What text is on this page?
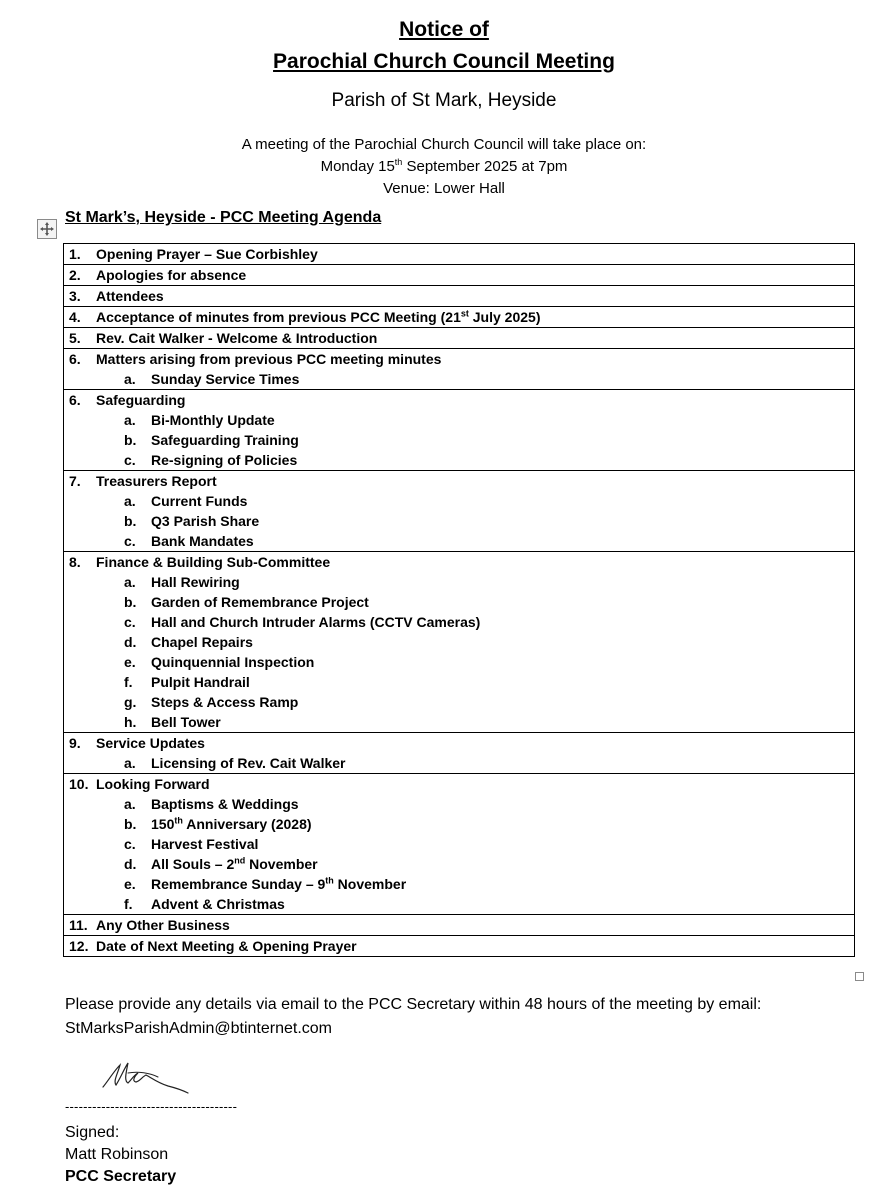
Notice of
Parochial Church Council Meeting
Parish of St Mark, Heyside
A meeting of the Parochial Church Council will take place on:
Monday 15th September 2025 at 7pm
Venue: Lower Hall
St Mark’s, Heyside - PCC Meeting Agenda
1. Opening Prayer – Sue Corbishley

2. Apologies for absence

3. Attendees

4. Acceptance of minutes from previous PCC Meeting (21st July 2025)

5. Rev. Cait Walker - Welcome & Introduction

6. Matters arising from previous PCC meeting minutes
a. Sunday Service Times

6. Safeguarding
a. Bi-Monthly Update
b. Safeguarding Training
c. Re-signing of Policies

7. Treasurers Report
a. Current Funds
b. Q3 Parish Share
c. Bank Mandates

8. Finance & Building Sub-Committee
a. Hall Rewiring
b. Garden of Remembrance Project
c. Hall and Church Intruder Alarms (CCTV Cameras)
d. Chapel Repairs
e. Quinquennial Inspection
f. Pulpit Handrail
g. Steps & Access Ramp
h. Bell Tower

9. Service Updates
a. Licensing of Rev. Cait Walker

10. Looking Forward
a. Baptisms & Weddings
b. 150th Anniversary (2028)
c. Harvest Festival
d. All Souls – 2nd November
e. Remembrance Sunday – 9th November
f. Advent & Christmas

11. Any Other Business

12. Date of Next Meeting & Opening Prayer
Please provide any details via email to the PCC Secretary within 48 hours of the meeting by email:
StMarksParishAdmin@btinternet.com
--------------------------------------
Signed:
Matt Robinson
PCC Secretary
